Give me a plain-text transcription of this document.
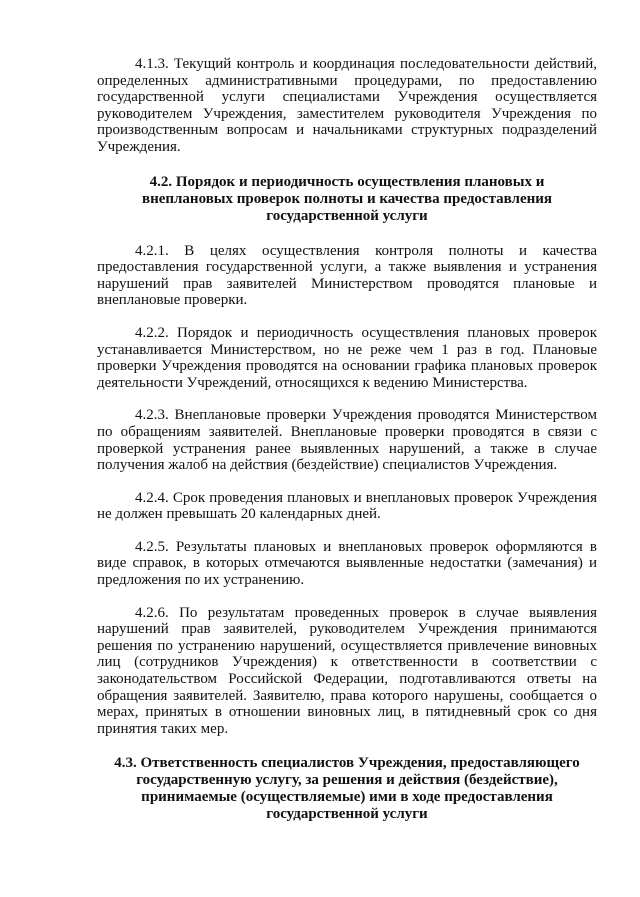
4.1.3. Текущий контроль и координация последовательности действий, определенных административными процедурами, по предоставлению государственной услуги специалистами Учреждения осуществляется руководителем Учреждения, заместителем руководителя Учреждения по производственным вопросам и начальниками структурных подразделений Учреждения.

4.2. Порядок и периодичность осуществления плановых и внеплановых проверок полноты и качества предоставления государственной услуги

4.2.1. В целях осуществления контроля полноты и качества предоставления государственной услуги, а также выявления и устранения нарушений прав заявителей Министерством проводятся плановые и внеплановые проверки.

4.2.2. Порядок и периодичность осуществления плановых проверок устанавливается Министерством, но не реже чем 1 раз в год. Плановые проверки Учреждения проводятся на основании графика плановых проверок деятельности Учреждений, относящихся к ведению Министерства.

4.2.3. Внеплановые проверки Учреждения проводятся Министерством по обращениям заявителей. Внеплановые проверки проводятся в связи с проверкой устранения ранее выявленных нарушений, а также в случае получения жалоб на действия (бездействие) специалистов Учреждения.

4.2.4. Срок проведения плановых и внеплановых проверок Учреждения не должен превышать 20 календарных дней.

4.2.5. Результаты плановых и внеплановых проверок оформляются в виде справок, в которых отмечаются выявленные недостатки (замечания) и предложения по их устранению.

4.2.6. По результатам проведенных проверок в случае выявления нарушений прав заявителей, руководителем Учреждения принимаются решения по устранению нарушений, осуществляется привлечение виновных лиц (сотрудников Учреждения) к ответственности в соответствии с законодательством Российской Федерации, подготавливаются ответы на обращения заявителей. Заявителю, права которого нарушены, сообщается о мерах, принятых в отношении виновных лиц, в пятидневный срок со дня принятия таких мер.

4.3. Ответственность специалистов Учреждения, предоставляющего государственную услугу, за решения и действия (бездействие), принимаемые (осуществляемые) ими в ходе предоставления государственной услуги
